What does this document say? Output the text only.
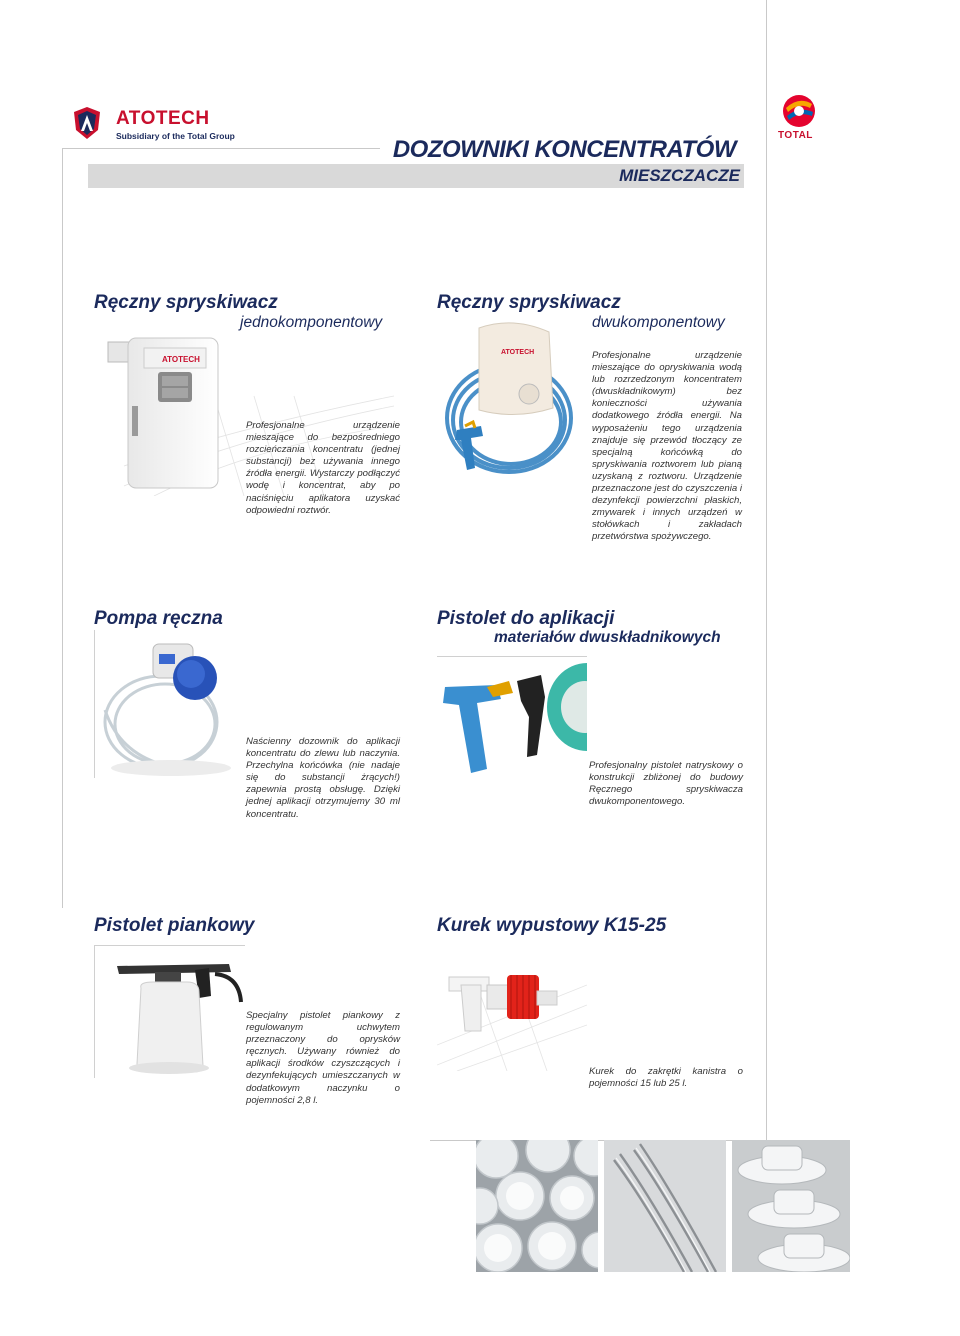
ATOTECH
Subsidiary of the Total Group	TOTAL
DOZOWNIKI KONCENTRATÓW
MIESZCZACZE
Ręczny spryskiwacz
jednokomponentowy
ATOTECH
Profesjonalne urządzenie mieszające do bezpośredniego rozcieńczania koncentratu (jednej substancji) bez używania innego źródła energii. Wystarczy podłączyć wodę i koncentrat, aby po naciśnięciu aplikatora uzyskać odpowiedni roztwór.
Ręczny spryskiwacz
dwukomponentowy
ATOTECH	Profesjonalne urządzenie mieszające do opryskiwania wodą lub rozrzedzonym koncentratem (dwuskładnikowym) bez konieczności używania dodatkowego źródła energii. Na wyposażeniu tego urządzenia znajduje się przewód tłoczący ze specjalną końcówką do spryskiwania roztworem lub pianą uzyskaną z roztworu. Urządzenie przeznaczone jest do czyszczenia i dezynfekcji powierzchni płaskich, zmywarek i innych urządzeń w stołówkach i zakładach przetwórstwa spożywczego.
Pompa ręczna
Naścienny dozownik do aplikacji koncentratu do zlewu lub naczynia. Przechylna końcówka (nie nadaje się do substancji żrących!) zapewnia prostą obsługę. Dzięki jednej aplikacji otrzymujemy 30 ml koncentratu.
Pistolet do aplikacji
materiałów dwuskładnikowych
Profesjonalny pistolet natryskowy o konstrukcji zbliżonej do budowy Ręcznego spryskiwacza dwukomponentowego.
Pistolet piankowy
Specjalny pistolet piankowy z regulowanym uchwytem przeznaczony do oprysków ręcznych. Używany również do aplikacji środków czyszczących i dezynfekujących umieszczanych w dodatkowym naczynku o pojemności 2,8 l.
Kurek wypustowy K15-25
Kurek do zakrętki kanistra o pojemności 15 lub 25 l.
